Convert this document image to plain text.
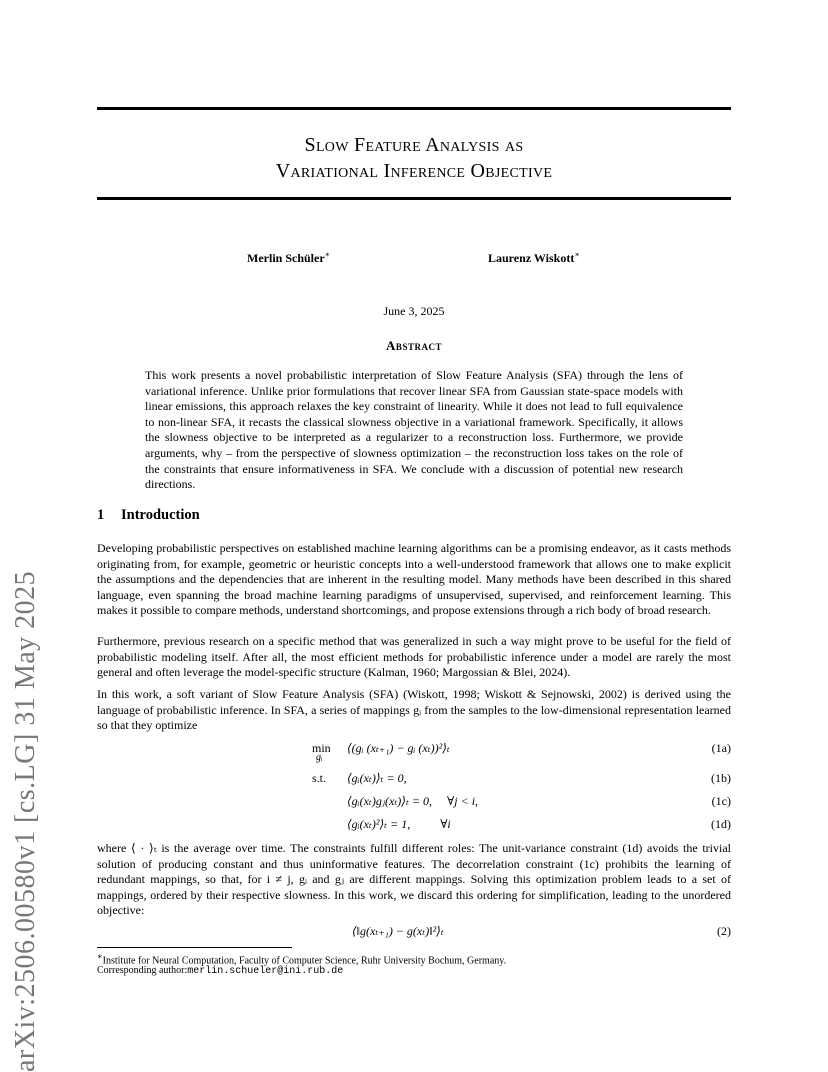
arXiv:2506.00580v1 [cs.LG] 31 May 2025
Slow Feature Analysis as
Variational Inference Objective
Merlin Schüler∗	Laurenz Wiskott∗
June 3, 2025
Abstract
This work presents a novel probabilistic interpretation of Slow Feature Analysis (SFA) through the lens of variational inference. Unlike prior formulations that recover linear SFA from Gaussian state-space models with linear emissions, this approach relaxes the key constraint of linearity. While it does not lead to full equivalence to non-linear SFA, it recasts the classical slowness objective in a variational framework. Specifically, it allows the slowness objective to be interpreted as a regularizer to a reconstruction loss. Furthermore, we provide arguments, why – from the perspective of slowness optimization – the reconstruction loss takes on the role of the constraints that ensure informativeness in SFA. We conclude with a discussion of potential new research directions.
1 Introduction
Developing probabilistic perspectives on established machine learning algorithms can be a promising endeavor, as it casts methods originating from, for example, geometric or heuristic concepts into a well-understood framework that allows one to make explicit the assumptions and the dependencies that are inherent in the resulting model. Many methods have been described in this shared language, even spanning the broad machine learning paradigms of unsupervised, supervised, and reinforcement learning. This makes it possible to compare methods, understand shortcomings, and propose extensions through a rich body of broad research.
Furthermore, previous research on a specific method that was generalized in such a way might prove to be useful for the field of probabilistic modeling itself. After all, the most efficient methods for probabilistic inference under a model are rarely the most general and often leverage the model-specific structure (Kalman, 1960; Margossian & Blei, 2024).
In this work, a soft variant of Slow Feature Analysis (SFA) (Wiskott, 1998; Wiskott & Sejnowski, 2002) is derived using the language of probabilistic inference. In SFA, a series of mappings gᵢ from the samples to the low-dimensional representation learned so that they optimize
min
gᵢ
⟨(gᵢ (xₜ₊₁) − gᵢ (xₜ))²⟩ₜ	(1a)
s.t. ⟨gᵢ(xₜ)⟩ₜ = 0,	(1b)
⟨gᵢ(xₜ)gⱼ(xₜ)⟩ₜ = 0,     ∀j < i,	(1c)
⟨gᵢ(xₜ)²⟩ₜ = 1,          ∀i	(1d)
where ⟨ · ⟩ₜ is the average over time. The constraints fulfill different roles: The unit-variance constraint (1d) avoids the trivial solution of producing constant and thus uninformative features. The decorrelation constraint (1c) prohibits the learning of redundant mappings, so that, for i ≠ j, gᵢ and gⱼ are different mappings. Solving this optimization problem leads to a set of mappings, ordered by their respective slowness. In this work, we discard this ordering for simplification, leading to the unordered objective:
⟨‖g(xₜ₊₁) − g(xₜ)‖²⟩ₜ	(2)
∗Institute for Neural Computation, Faculty of Computer Science, Ruhr University Bochum, Germany.
Corresponding author:merlin.schueler@ini.rub.de
